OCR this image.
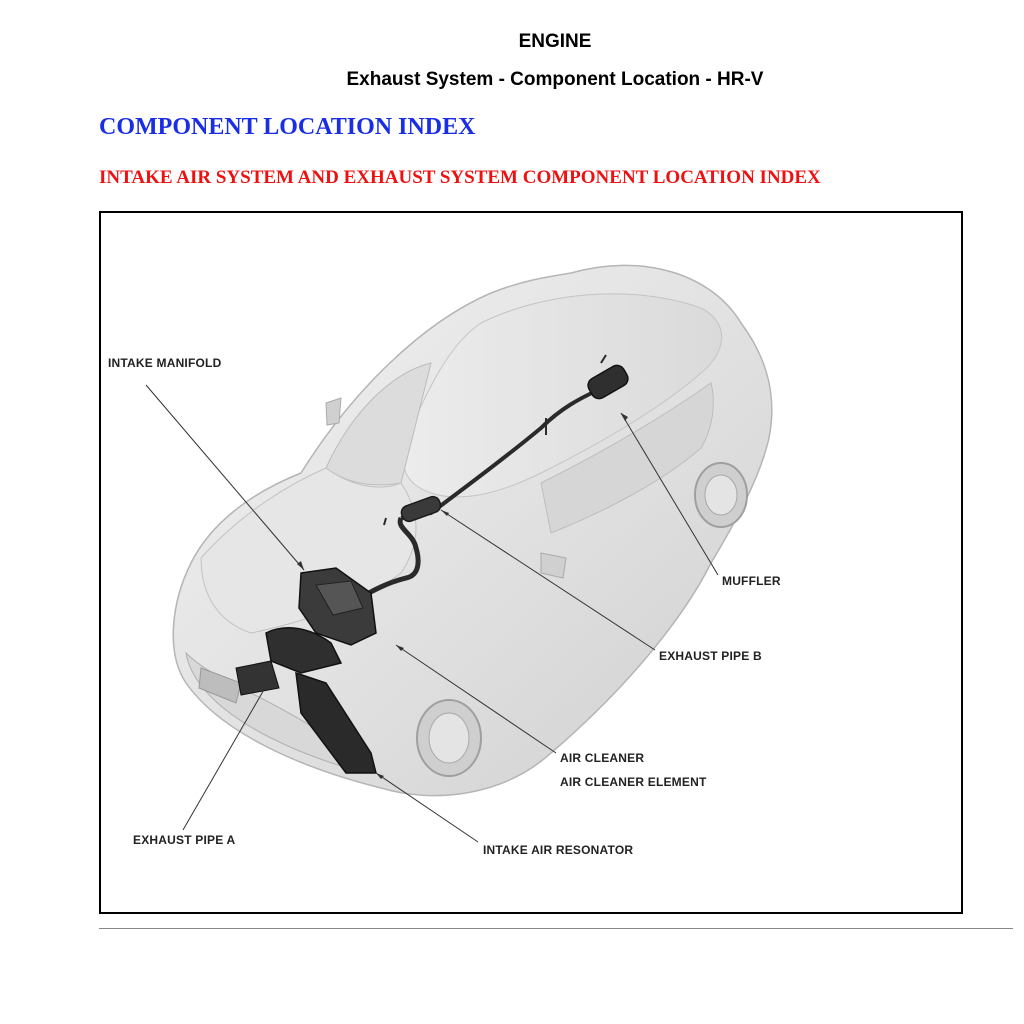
ENGINE
Exhaust System - Component Location - HR-V
COMPONENT LOCATION INDEX
INTAKE AIR SYSTEM AND EXHAUST SYSTEM COMPONENT LOCATION INDEX
INTAKE MANIFOLD
MUFFLER
EXHAUST PIPE B
AIR CLEANER
AIR CLEANER ELEMENT
EXHAUST PIPE A
INTAKE AIR RESONATOR
